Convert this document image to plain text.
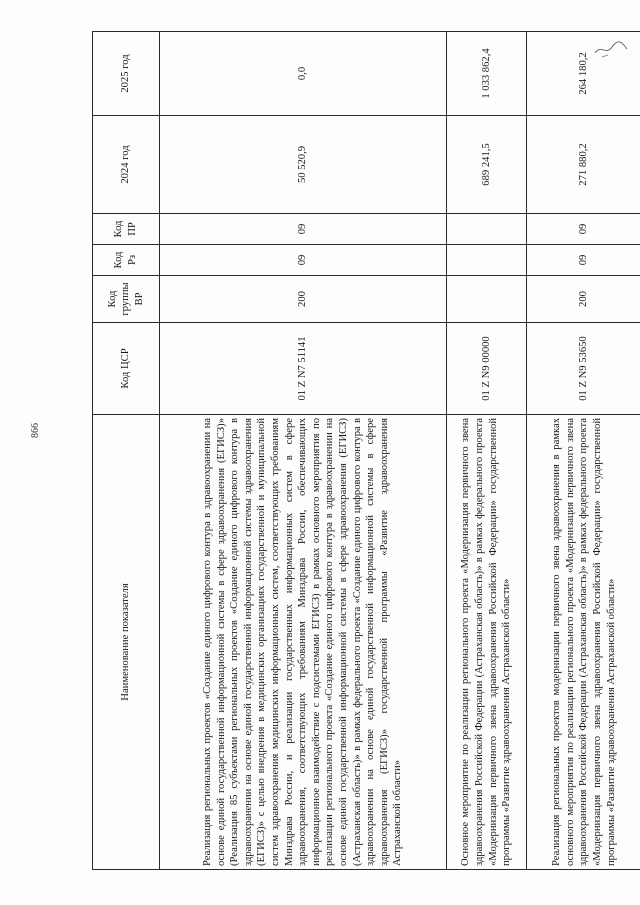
866
Наименование показателя	Код ЦСР	Код группы ВР	Код Рз	Код ПР	2024 год	2025 год
Реализация региональных проектов «Создание единого цифрового контура в здравоохранении на основе единой государственной информационной системы в сфере здравоохранения (ЕГИСЗ)» (Реализация 85 субъектами региональных проектов «Создание единого цифрового контура в здравоохранении на основе единой государственной информационной системы здравоохранения (ЕГИСЗ)» с целью внедрения в медицинских организациях государственной и муниципальной систем здравоохранения медицинских информационных систем, соответствующих требованиям Минздрава России, и реализации государственных информационных систем в сфере здравоохранения, соответствующих требованиям Минздрава России, обеспечивающих информационное взаимодействие с подсистемами ЕГИСЗ) в рамках основного мероприятия по реализации регионального проекта «Создание единого цифрового контура в здравоохранении на основе единой государственной информационной системы в сфере здравоохранения (ЕГИСЗ) (Астраханская область)» в рамках федерального проекта «Создание единого цифрового контура в здравоохранении на основе единой государственной информационной системы в сфере здравоохранения (ЕГИСЗ)» государственной программы «Развитие здравоохранения Астраханской области»	01 Z N7 51141	200	09	09	50 520,9	0,0
Основное мероприятие по реализации регионального проекта «Модернизация первичного звена здравоохранения Российской Федерации (Астраханская область)» в рамках федерального проекта «Модернизация первичного звена здравоохранения Российской Федерации» государственной программы «Развитие здравоохранения Астраханской области»	01 Z N9 00000				689 241,5	1 033 862,4
Реализация региональных проектов модернизации первичного звена здравоохранения в рамках основного мероприятия по реализации регионального проекта «Модернизация первичного звена здравоохранения Российской Федерации (Астраханская область)» в рамках федерального проекта «Модернизация первичного звена здравоохранения Российской Федерации» государственной программы «Развитие здравоохранения Астраханской области»	01 Z N9 53650	200	09	09	271 880,2	264 180,2
